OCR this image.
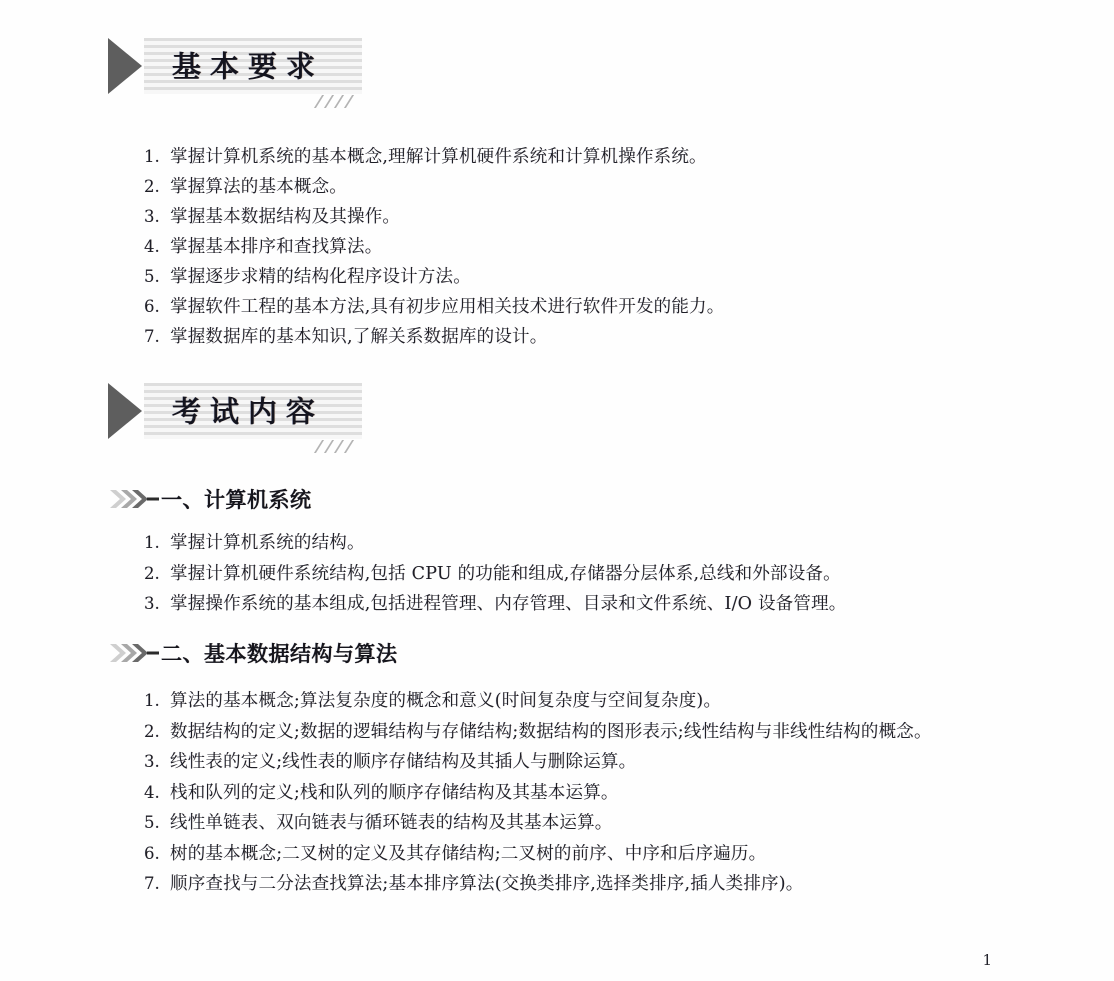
基本要求
1. 掌握计算机系统的基本概念,理解计算机硬件系统和计算机操作系统。
2. 掌握算法的基本概念。
3. 掌握基本数据结构及其操作。
4. 掌握基本排序和查找算法。
5. 掌握逐步求精的结构化程序设计方法。
6. 掌握软件工程的基本方法,具有初步应用相关技术进行软件开发的能力。
7. 掌握数据库的基本知识,了解关系数据库的设计。
考试内容
一、计算机系统
1. 掌握计算机系统的结构。
2. 掌握计算机硬件系统结构,包括 CPU 的功能和组成,存储器分层体系,总线和外部设备。
3. 掌握操作系统的基本组成,包括进程管理、内存管理、目录和文件系统、I/O 设备管理。
二、基本数据结构与算法
1. 算法的基本概念;算法复杂度的概念和意义(时间复杂度与空间复杂度)。
2. 数据结构的定义;数据的逻辑结构与存储结构;数据结构的图形表示;线性结构与非线性结构的概念。
3. 线性表的定义;线性表的顺序存储结构及其插人与删除运算。
4. 栈和队列的定义;栈和队列的顺序存储结构及其基本运算。
5. 线性单链表、双向链表与循环链表的结构及其基本运算。
6. 树的基本概念;二叉树的定义及其存储结构;二叉树的前序、中序和后序遍历。
7. 顺序查找与二分法查找算法;基本排序算法(交换类排序,选择类排序,插人类排序)。
1
